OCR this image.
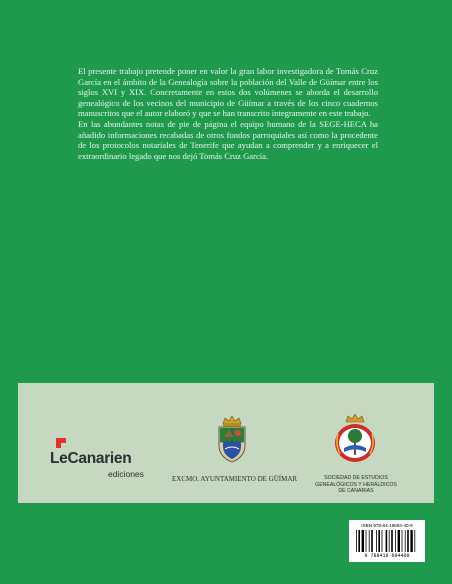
El presente trabajo pretende poner en valor la gran labor investigadora de Tomás Cruz García en el ámbito de la Genealogía sobre la población del Valle de Güímar entre los siglos XVI y XIX. Concretamente en estos dos volúmenes se aborda el desarrollo genealógico de los vecinos del municipio de Güímar a través de los cinco cuadernos manuscritos que el autor elaboró y que se han transcrito íntegramente en este trabajo.

En las abundantes notas de pie de página el equipo humano de la SEGE-HECA ha añadido informaciones recabadas de otros fondos parroquiales así como la procedente de los protocolos notariales de Tenerife que ayudan a comprender y a enriquecer el extraordinario legado que nos dejó Tomás Cruz García.

LeCanarien
ediciones	EXCMO. AYUNTAMIENTO DE GÜÍMAR	SOCIEDAD DE ESTUDIOS
GENEALÓGICOS Y HERÁLDICOS
DE CANARIAS
ISBN 978-84-19694-40-9
9 788419 694409
